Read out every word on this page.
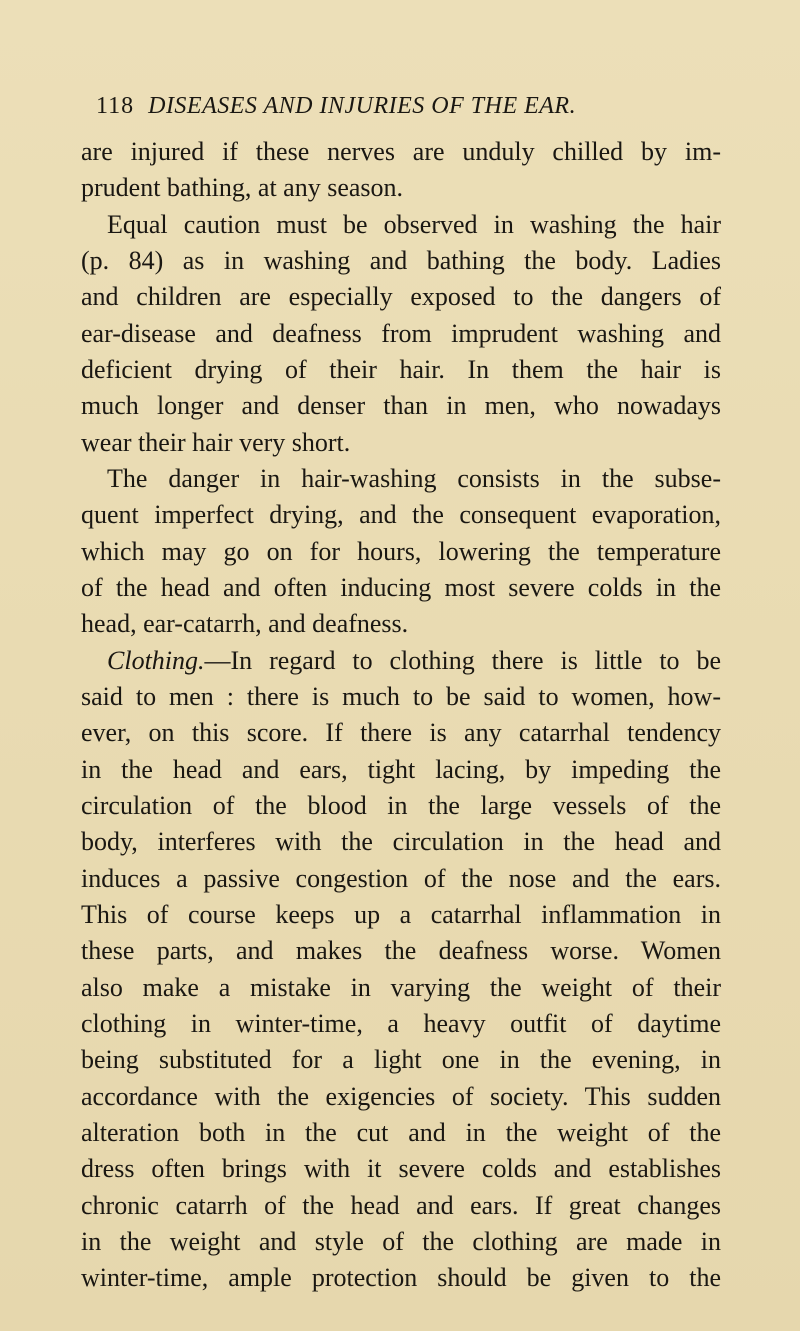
118 DISEASES AND INJURIES OF THE EAR.
are injured if these nerves are unduly chilled by im-
prudent bathing, at any season.
Equal caution must be observed in washing the hair
(p. 84) as in washing and bathing the body. Ladies
and children are especially exposed to the dangers of
ear-disease and deafness from imprudent washing and
deficient drying of their hair. In them the hair is
much longer and denser than in men, who nowadays
wear their hair very short.
The danger in hair-washing consists in the subse-
quent imperfect drying, and the consequent evaporation,
which may go on for hours, lowering the temperature
of the head and often inducing most severe colds in the
head, ear-catarrh, and deafness.
Clothing.—In regard to clothing there is little to be
said to men : there is much to be said to women, how-
ever, on this score. If there is any catarrhal tendency
in the head and ears, tight lacing, by impeding the
circulation of the blood in the large vessels of the
body, interferes with the circulation in the head and
induces a passive congestion of the nose and the ears.
This of course keeps up a catarrhal inflammation in
these parts, and makes the deafness worse. Women
also make a mistake in varying the weight of their
clothing in winter-time, a heavy outfit of daytime
being substituted for a light one in the evening, in
accordance with the exigencies of society. This sudden
alteration both in the cut and in the weight of the
dress often brings with it severe colds and establishes
chronic catarrh of the head and ears. If great changes
in the weight and style of the clothing are made in
winter-time, ample protection should be given to the
